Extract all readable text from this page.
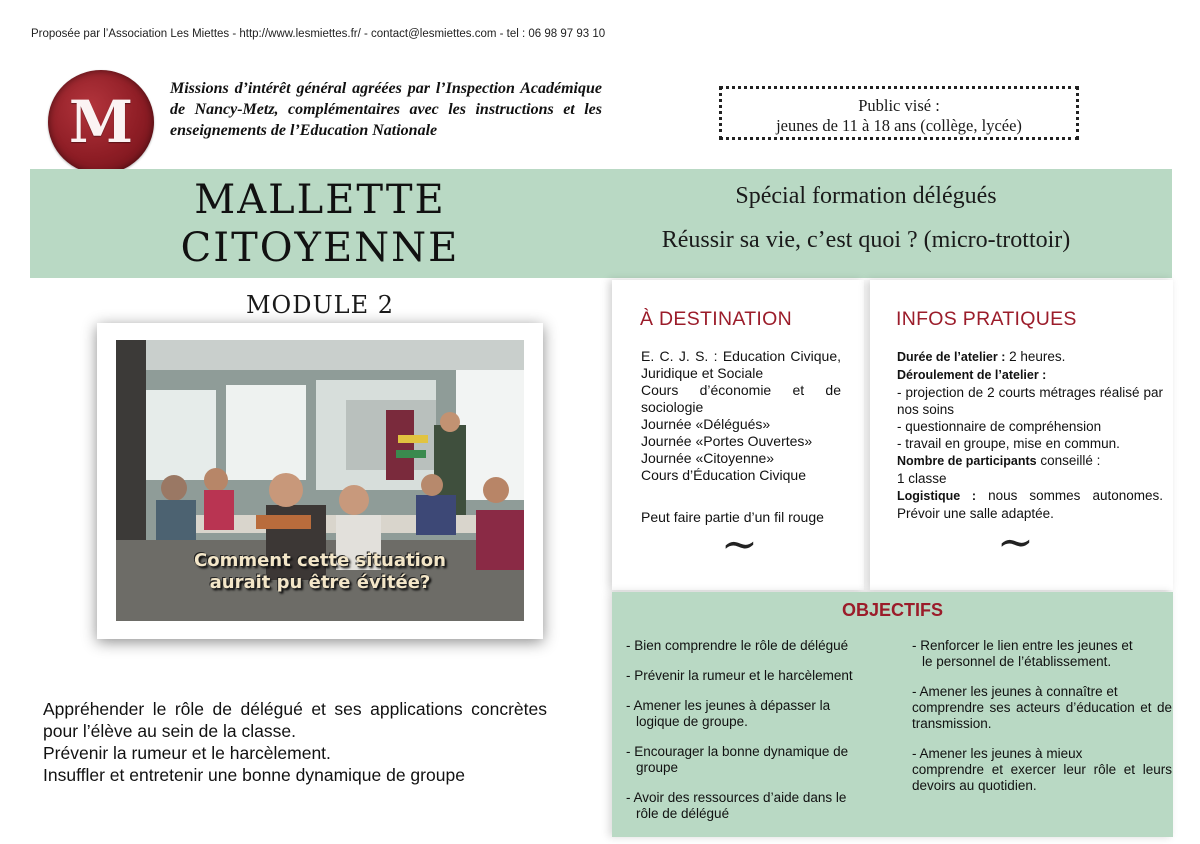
Proposée par l’Association Les Miettes - http://www.lesmiettes.fr/ - contact@lesmiettes.com - tel : 06 98 97 93 10
M	Missions d’intérêt général agréées par l’Inspection Académique de Nancy-Metz, complémentaires avec les instructions et les enseignements de l’Education Nationale
Public visé :
jeunes de 11 à 18 ans (collège, lycée)
MALLETTE
CITOYENNE
Spécial formation délégués
Réussir sa vie, c’est quoi ? (micro-trottoir)
MODULE 2
Comment cette situation
aurait pu être évitée?
Appréhender le rôle de délégué et ses applications concrètes pour l’élève au sein de la classe.
Prévenir la rumeur et le harcèlement.
Insuffler et entretenir une bonne dynamique de groupe
À DESTINATION
E. C. J. S. : Education Civique, Juridique et Sociale
Cours d’économie et de sociologie
Journée «Délégués»
Journée «Portes Ouvertes»
Journée «Citoyenne»
Cours d’Éducation Civique
Peut faire partie d’un fil rouge
~
INFOS PRATIQUES
Durée de l’atelier : 2 heures.
Déroulement de l’atelier :
- projection de 2 courts métrages réalisé par nos soins
- questionnaire de compréhension
- travail en groupe, mise en commun.
Nombre de participants conseillé :
1 classe
Logistique : nous sommes autonomes. Prévoir une salle adaptée.
~
OBJECTIFS
- Bien comprendre le rôle de délégué
- Prévenir la rumeur et le harcèlement
- Amener les jeunes à dépasser la
logique de groupe.
- Encourager la bonne dynamique de
groupe
- Avoir des ressources d’aide dans le
rôle de délégué
- Renforcer le lien entre les jeunes et
le personnel de l’établissement.
- Amener les jeunes à connaître et
comprendre ses acteurs d’éducation et de transmission.
- Amener les jeunes à mieux
comprendre et exercer leur rôle et leurs devoirs au quotidien.
